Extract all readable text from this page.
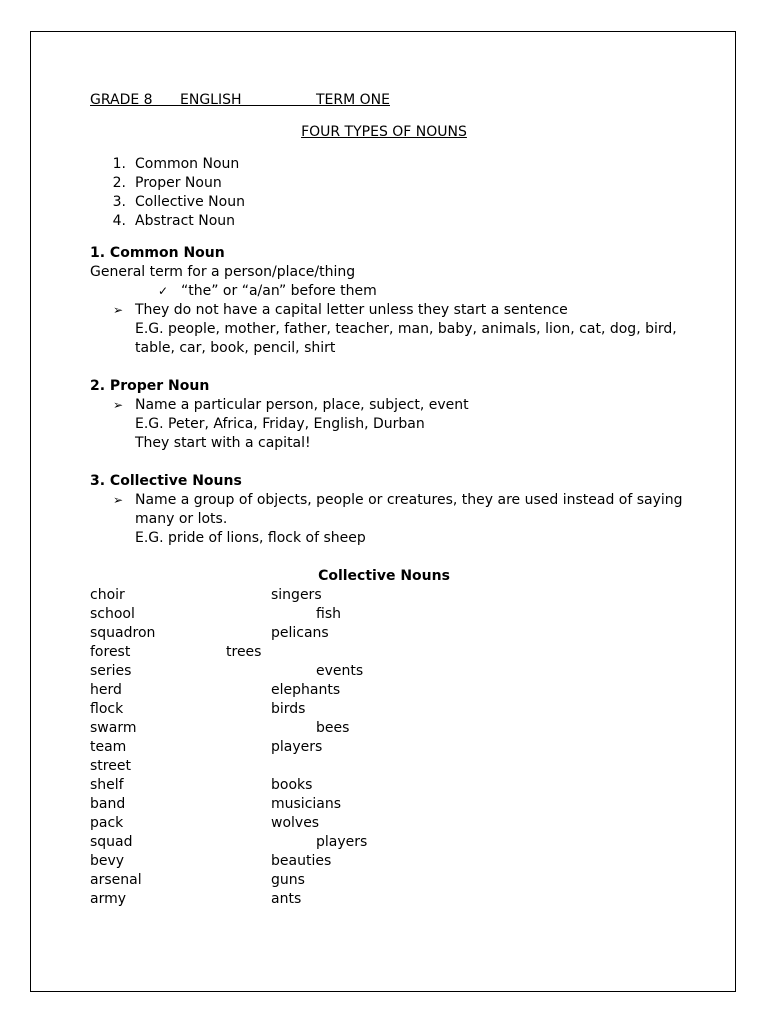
GRADE 8
ENGLISH
	TERM ONE
FOUR TYPES OF NOUNS
1. Common Noun
2. Proper Noun
3. Collective Noun
4. Abstract Noun
1. Common Noun
General term for a person/place/thing
✓ “the” or “a/an” before them
➢ They do not have a capital letter unless they start a sentence
E.G. people, mother, father, teacher, man, baby, animals, lion, cat, dog, bird,
table, car, book, pencil, shirt
2. Proper Noun
➢ Name a particular person, place, subject, event
E.G. Peter, Africa, Friday, English, Durban
They start with a capital!
3. Collective Nouns
➢ Name a group of objects, people or creatures, they are used instead of saying
many or lots.
E.G. pride of lions, flock of sheep
Collective Nouns
choir	singers
school	fish
squadron	pelicans
forest	trees
series	events
herd	elephants
flock	birds
swarm	bees
team	players
street
shelf	books
band	musicians
pack	wolves
squad	players
bevy	beauties
arsenal	guns
army	ants
